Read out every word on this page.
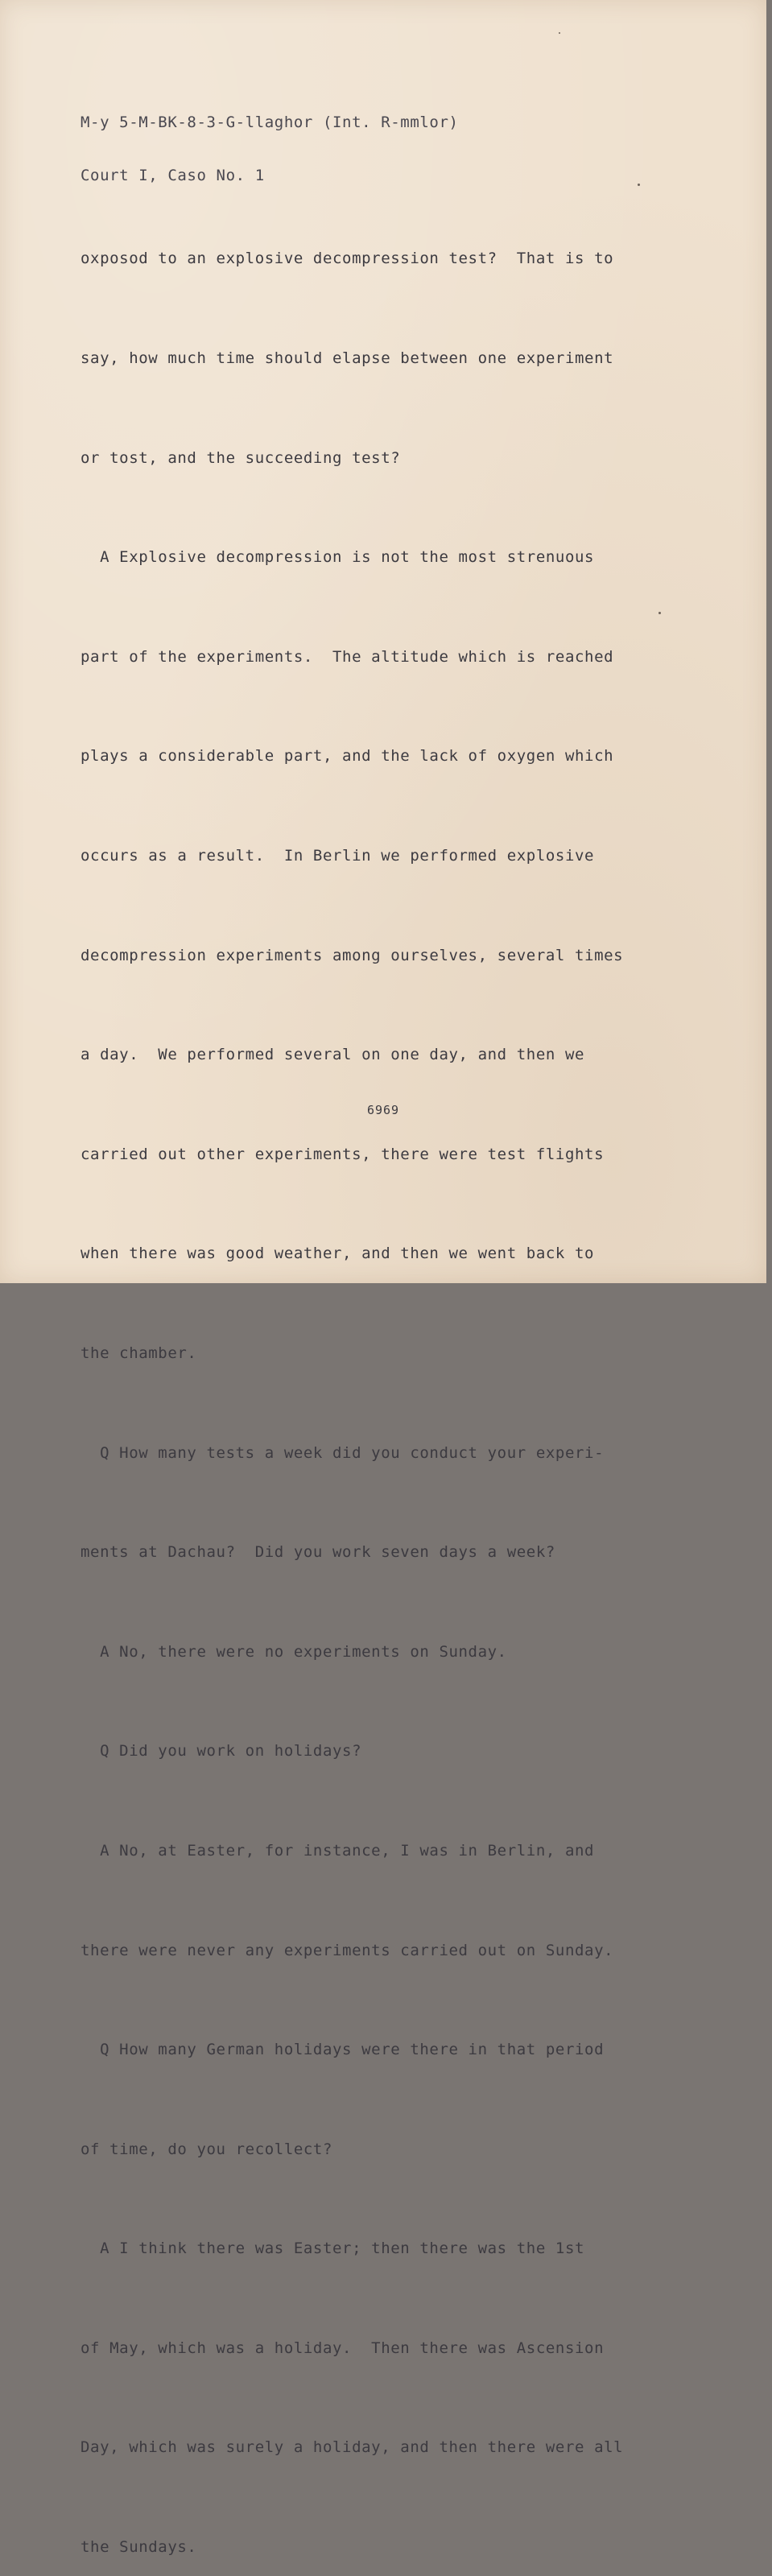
M-y 5-M-BK-8-3-G-llaghor (Int. R-mmlor)

Court I, Caso No. 1

oxposod to an explosive decompression test?  That is to

say, how much time should elapse between one experiment

or tost, and the succeeding test?

A Explosive decompression is not the most strenuous

part of the experiments.  The altitude which is reached

plays a considerable part, and the lack of oxygen which

occurs as a result.  In Berlin we performed explosive

decompression experiments among ourselves, several times

a day.  We performed several on one day, and then we

carried out other experiments, there were test flights

when there was good weather, and then we went back to

the chamber.

Q How many tests a week did you conduct your experi-

ments at Dachau?  Did you work seven days a week?

A No, there were no experiments on Sunday.

Q Did you work on holidays?

A No, at Easter, for instance, I was in Berlin, and

there were never any experiments carried out on Sunday.

Q How many German holidays were there in that period

of time, do you recollect?

A I think there was Easter; then there was the 1st

of May, which was a holiday.  Then there was Ascension

Day, which was surely a holiday, and then there were all

the Sundays.

6969
